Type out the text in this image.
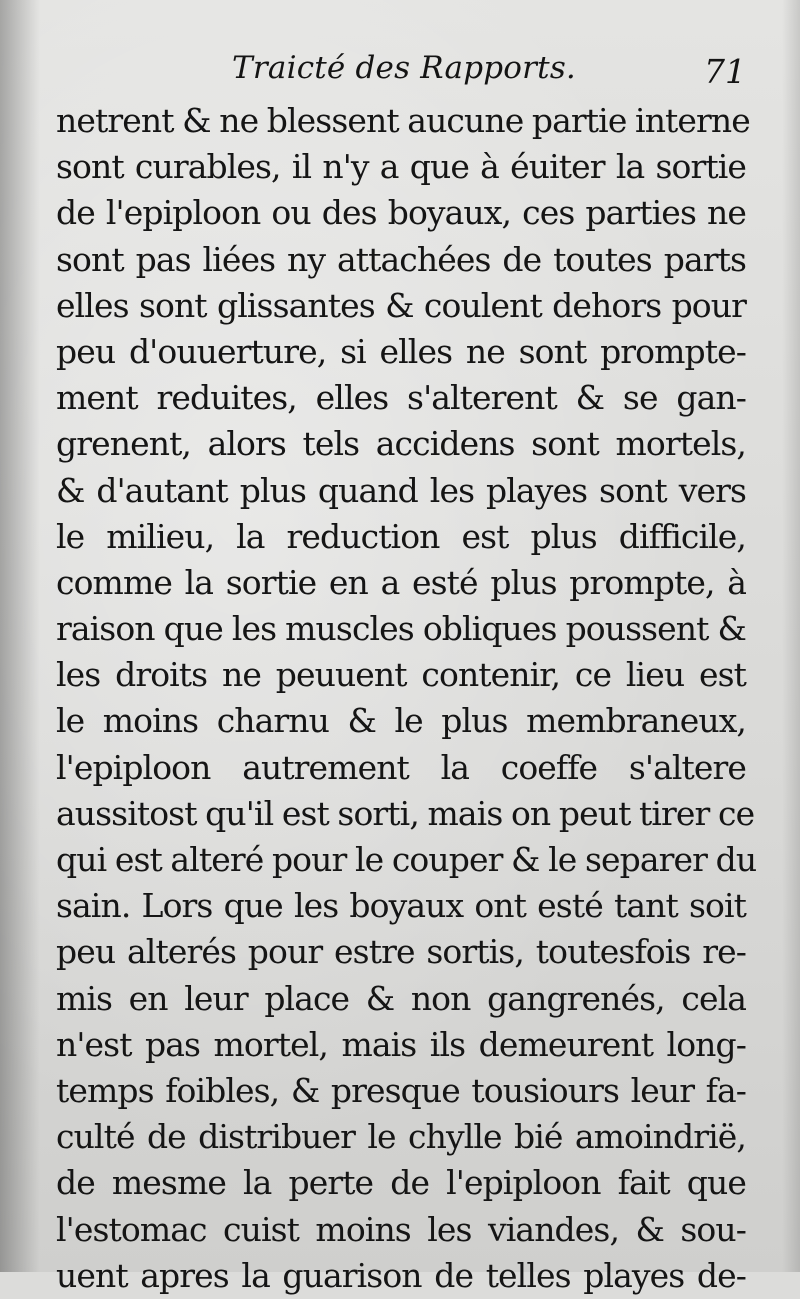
Traicté des Rapports.	71
netrent & ne blessent aucune partie interne
sont curables, il n'y a que à éuiter la sortie
de l'epiploon ou des boyaux, ces parties ne
sont pas liées ny attachées de toutes parts
elles sont glissantes & coulent dehors pour
peu d'ouuerture, si elles ne sont prompte-
ment reduites, elles s'alterent & se gan-
grenent, alors tels accidens sont mortels,
& d'autant plus quand les playes sont vers
le milieu, la reduction est plus difficile,
comme la sortie en a esté plus prompte, à
raison que les muscles obliques poussent &
les droits ne peuuent contenir, ce lieu est
le moins charnu & le plus membraneux,
l'epiploon autrement la coeffe s'altere
aussitost qu'il est sorti, mais on peut tirer ce
qui est alteré pour le couper & le separer du
sain. Lors que les boyaux ont esté tant soit
peu alterés pour estre sortis, toutesfois re-
mis en leur place & non gangrenés, cela
n'est pas mortel, mais ils demeurent long-
temps foibles, & presque tousiours leur fa-
culté de distribuer le chylle bié amoindrië,
de mesme la perte de l'epiploon fait que
l'estomac cuist moins les viandes, & sou-
uent apres la guarison de telles playes de-
